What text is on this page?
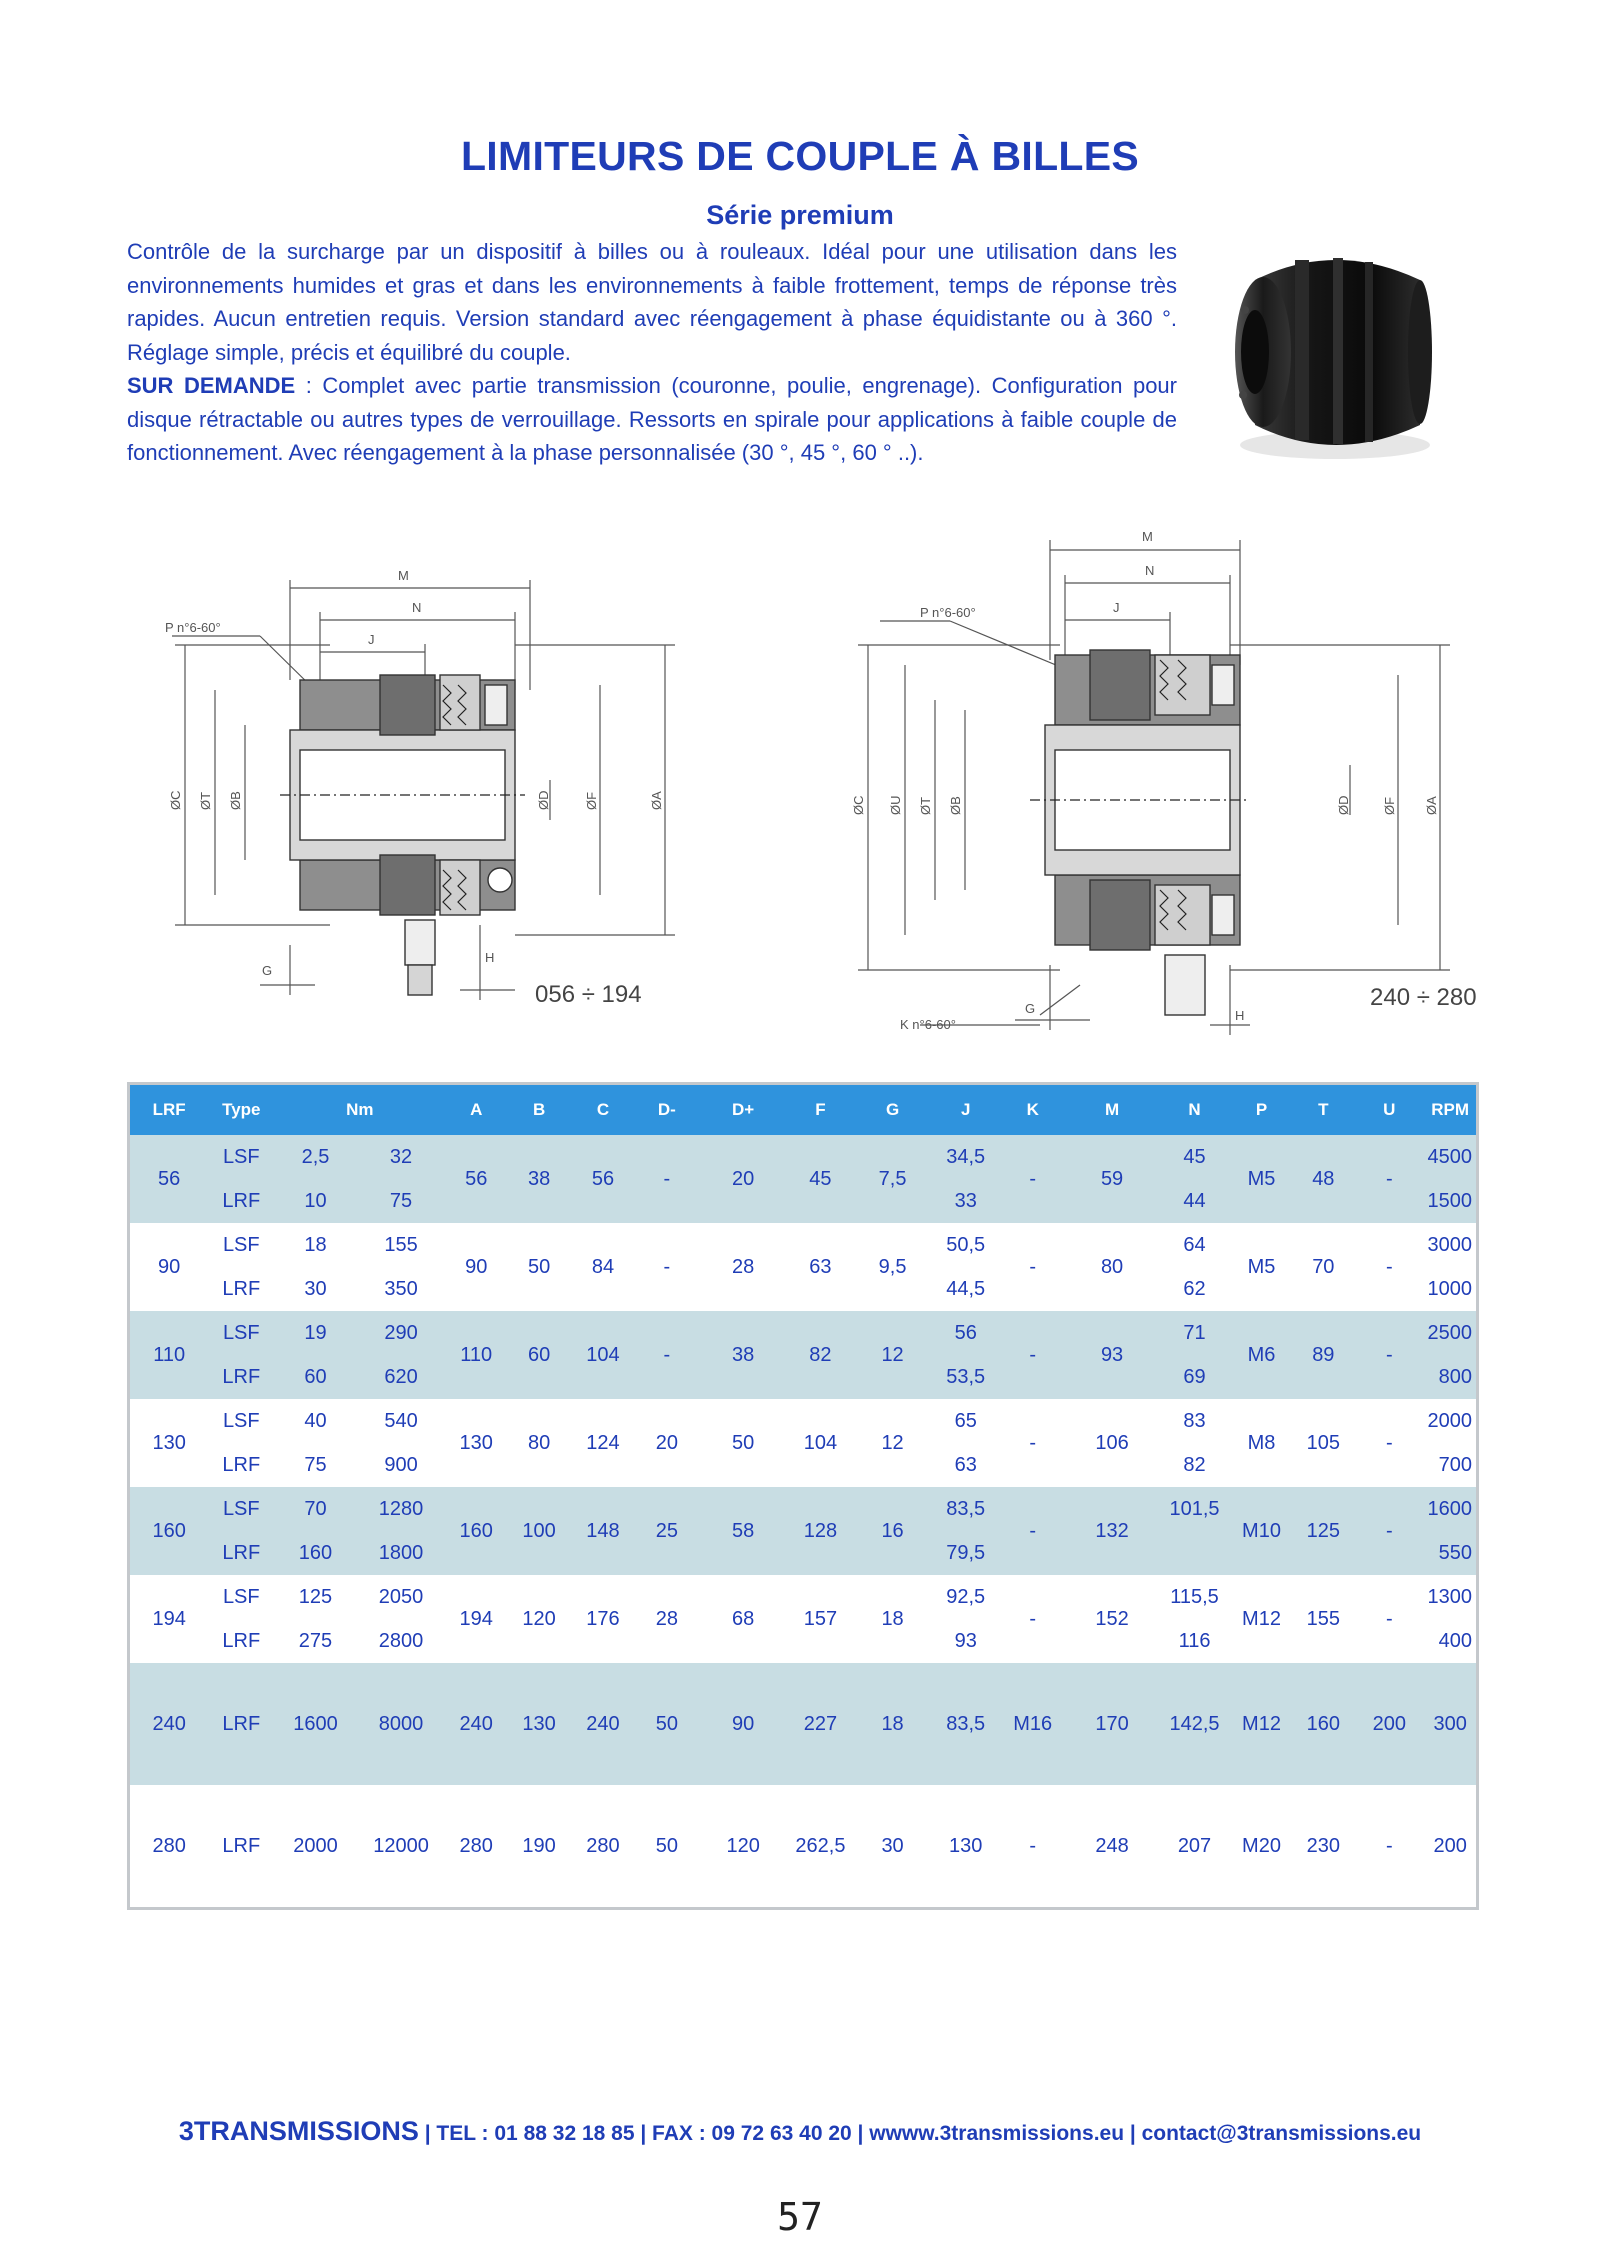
LIMITEURS DE COUPLE À BILLES
Série premium

Contrôle de la surcharge par un dispositif à billes ou à rouleaux. Idéal pour une utilisation dans les environnements humides et gras et dans les environnements à faible frottement, temps de réponse très rapides. Aucun entretien requis. Version standard avec réengagement à phase équidistante ou à 360 °. Réglage simple, précis et équilibré du couple.

SUR DEMANDE : Complet avec partie transmission (couronne, poulie, engrenage). Configuration pour disque rétractable ou autres types de verrouillage. Ressorts en spirale pour applications à faible couple de fonctionnement. Avec réengagement à la phase personnalisée (30 °, 45 °, 60 ° ..).

M
N
J
P n°6-60°
ØC ØT ØB	ØD	ØF	ØA
G
H
056 ÷ 194
M
N
J
P n°6-60°
K n°6-60°
ØC ØU ØT ØB	ØD ØF ØA
G	H
240 ÷ 280
LRF	Type	Nm		A	B	C	D-	D+	F	G	J	K	M	N	P	T	U	RPM
56	LSF	2,5	32	56	38	56	-	20	45	7,5	34,5	-	59	45	M5	48	-	4500
	LRF	10	75								33			44				1500
90	LSF	18	155	90	50	84	-	28	63	9,5	50,5	-	80	64	M5	70	-	3000
	LRF	30	350								44,5			62				1000
110	LSF	19	290	110	60	104	-	38	82	12	56	-	93	71	M6	89	-	2500
	LRF	60	620								53,5			69				800
130	LSF	40	540	130	80	124	20	50	104	12	65	-	106	83	M8	105	-	2000
	LRF	75	900								63			82				700
160	LSF	70	1280	160	100	148	25	58	128	16	83,5	-	132	101,5	M10	125	-	1600
	LRF	160	1800								79,5							550
194	LSF	125	2050	194	120	176	28	68	157	18	92,5	-	152	115,5	M12	155	-	1300
	LRF	275	2800								93			116				400
240	LRF	1600	8000	240	130	240	50	90	227	18	83,5	M16	170	142,5	M12	160	200	300
280	LRF	2000	12000	280	190	280	50	120	262,5	30	130	-	248	207	M20	230	-	200
3TRANSMISSIONS | TEL : 01 88 32 18 85 | FAX : 09 72 63 40 20 | wwww.3transmissions.eu | contact@3transmissions.eu
57
